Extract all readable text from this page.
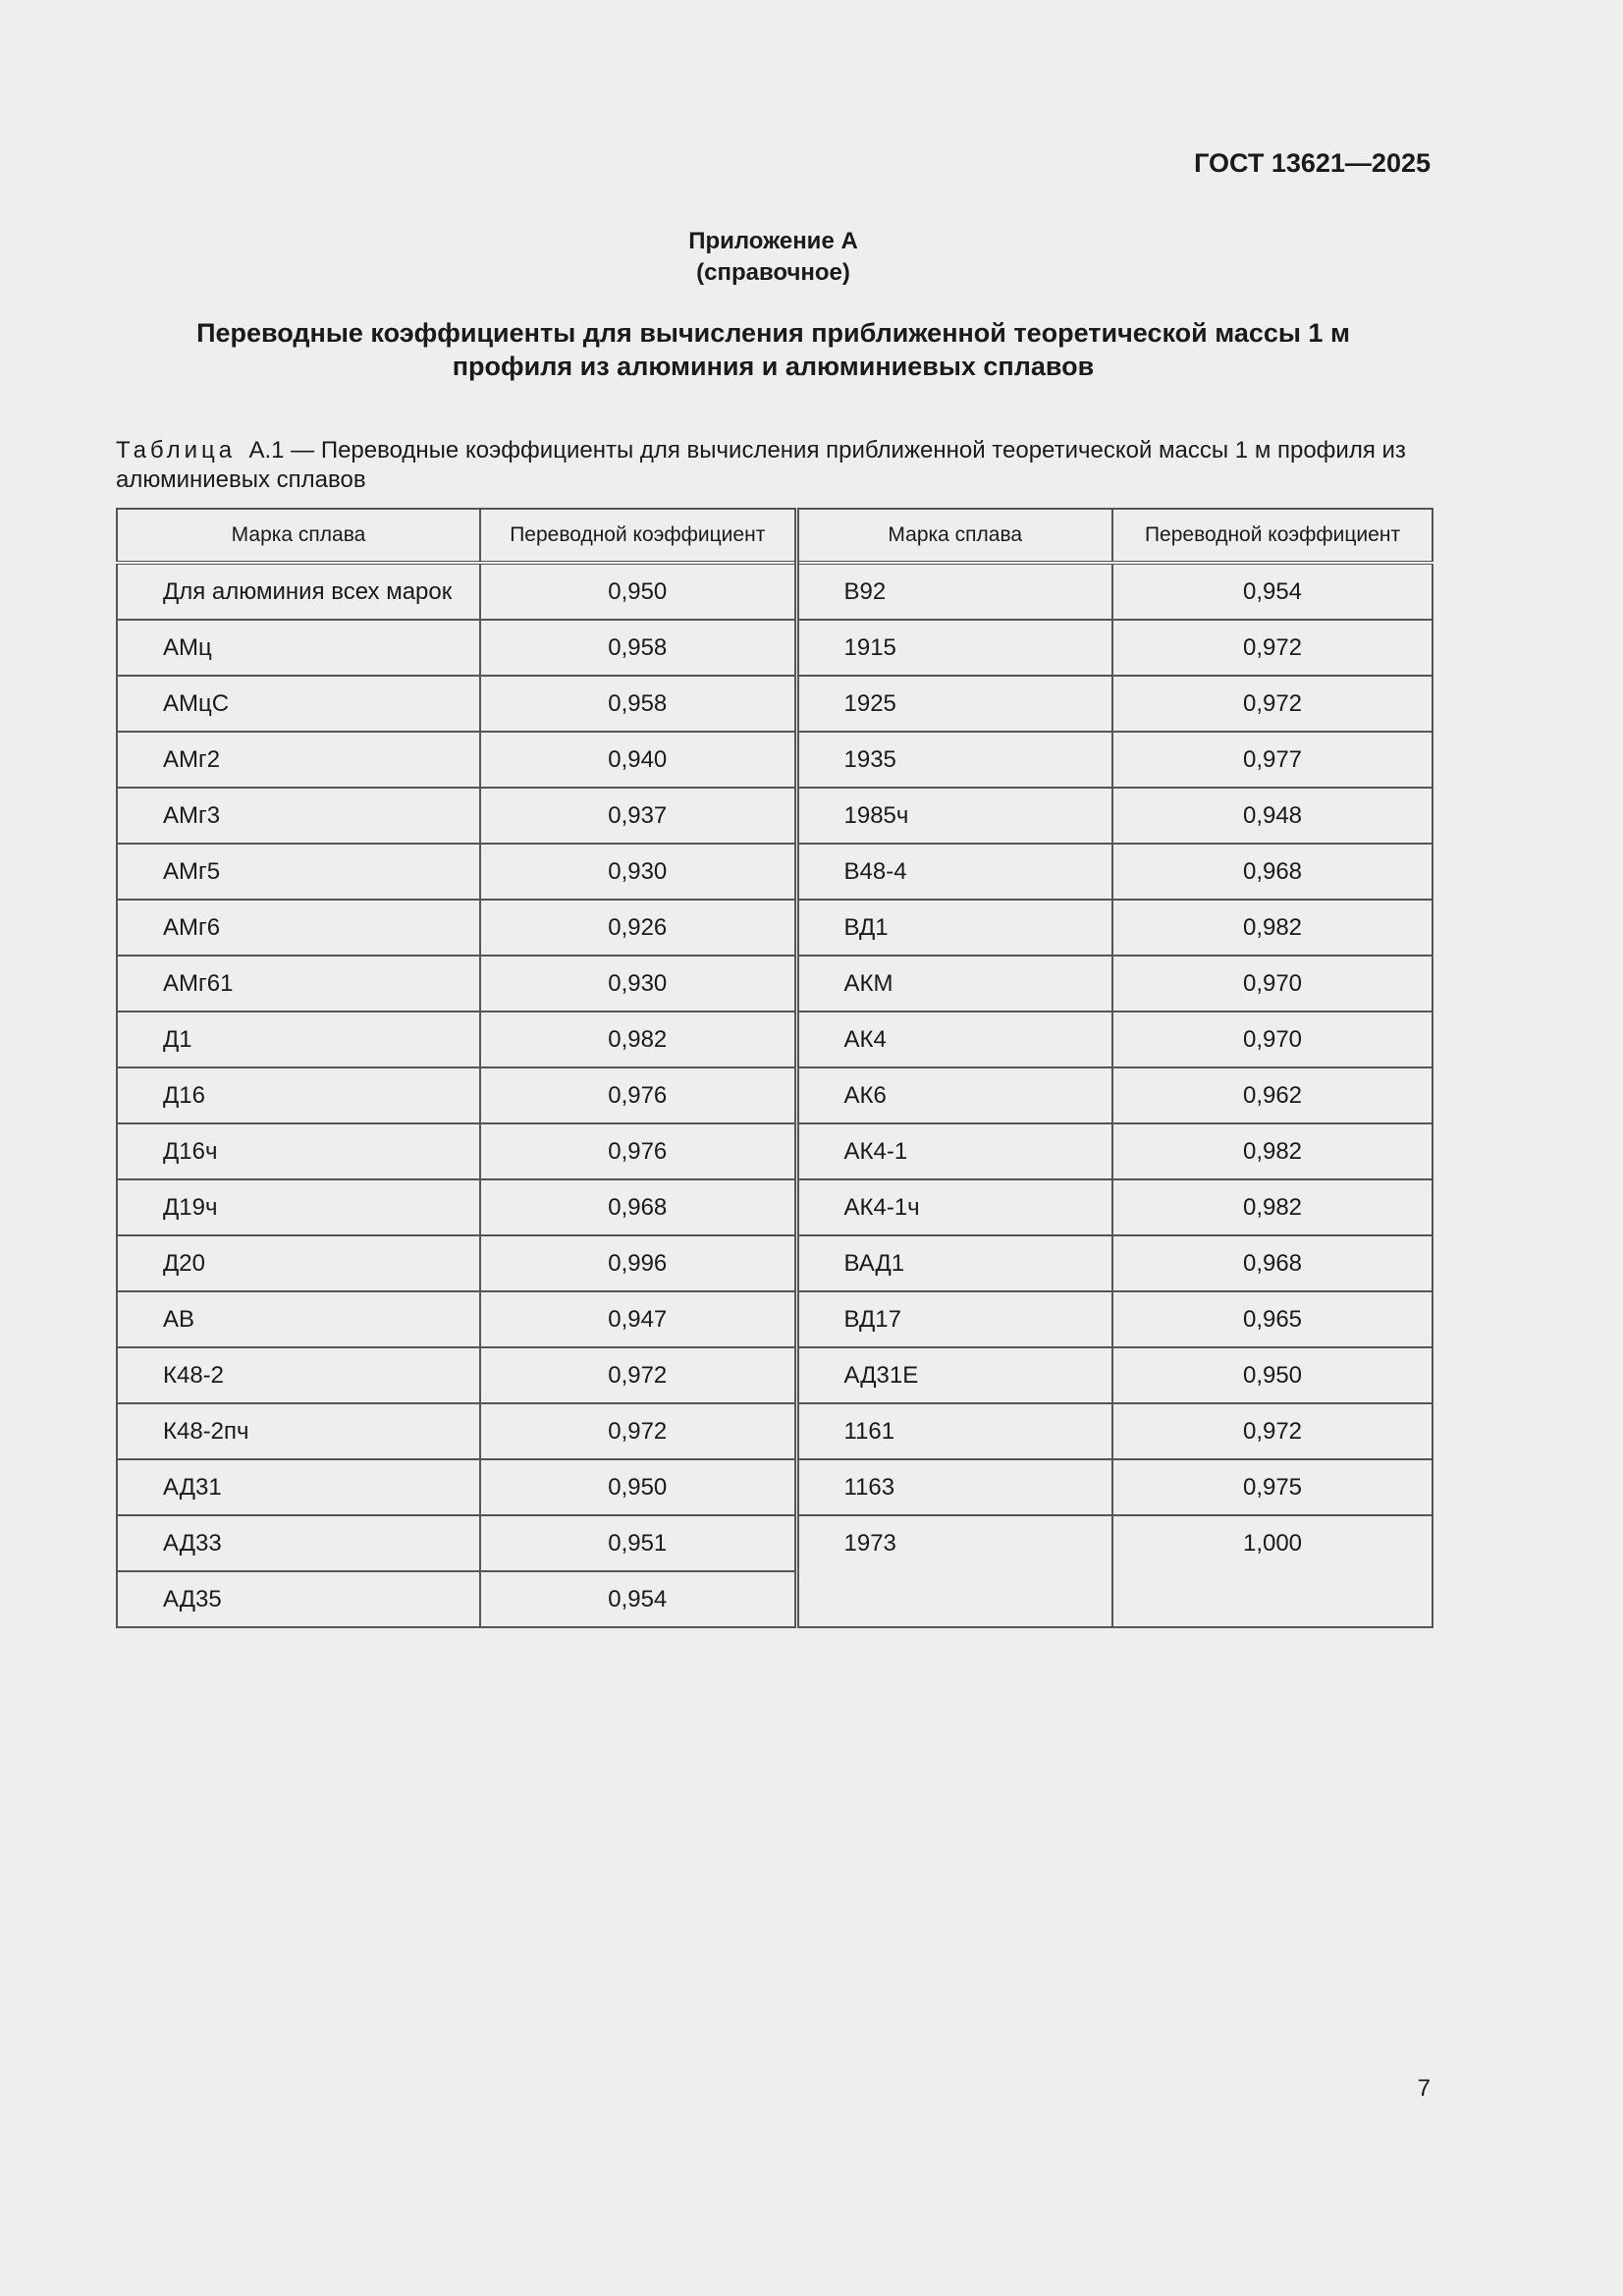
ГОСТ 13621—2025
Приложение А
(справочное)
Переводные коэффициенты для вычисления приближенной теоретической массы 1 м
профиля из алюминия и алюминиевых сплавов
Таблица А.1 — Переводные коэффициенты для вычисления приближенной теоретической массы 1 м профиля из алюминиевых сплавов
Марка сплава	Переводной коэффициент	Марка сплава	Переводной коэффициент
Для алюминия всех марок	0,950	В92	0,954
АМц	0,958	1915	0,972
АМцС	0,958	1925	0,972
АМг2	0,940	1935	0,977
АМг3	0,937	1985ч	0,948
АМг5	0,930	В48-4	0,968
АМг6	0,926	ВД1	0,982
АМг61	0,930	АКМ	0,970
Д1	0,982	АК4	0,970
Д16	0,976	АК6	0,962
Д16ч	0,976	АК4-1	0,982
Д19ч	0,968	АК4-1ч	0,982
Д20	0,996	ВАД1	0,968
АВ	0,947	ВД17	0,965
К48-2	0,972	АД31Е	0,950
К48-2пч	0,972	1161	0,972
АД31	0,950	1163	0,975
АД33	0,951	1973	1,000
АД35	0,954		
7
